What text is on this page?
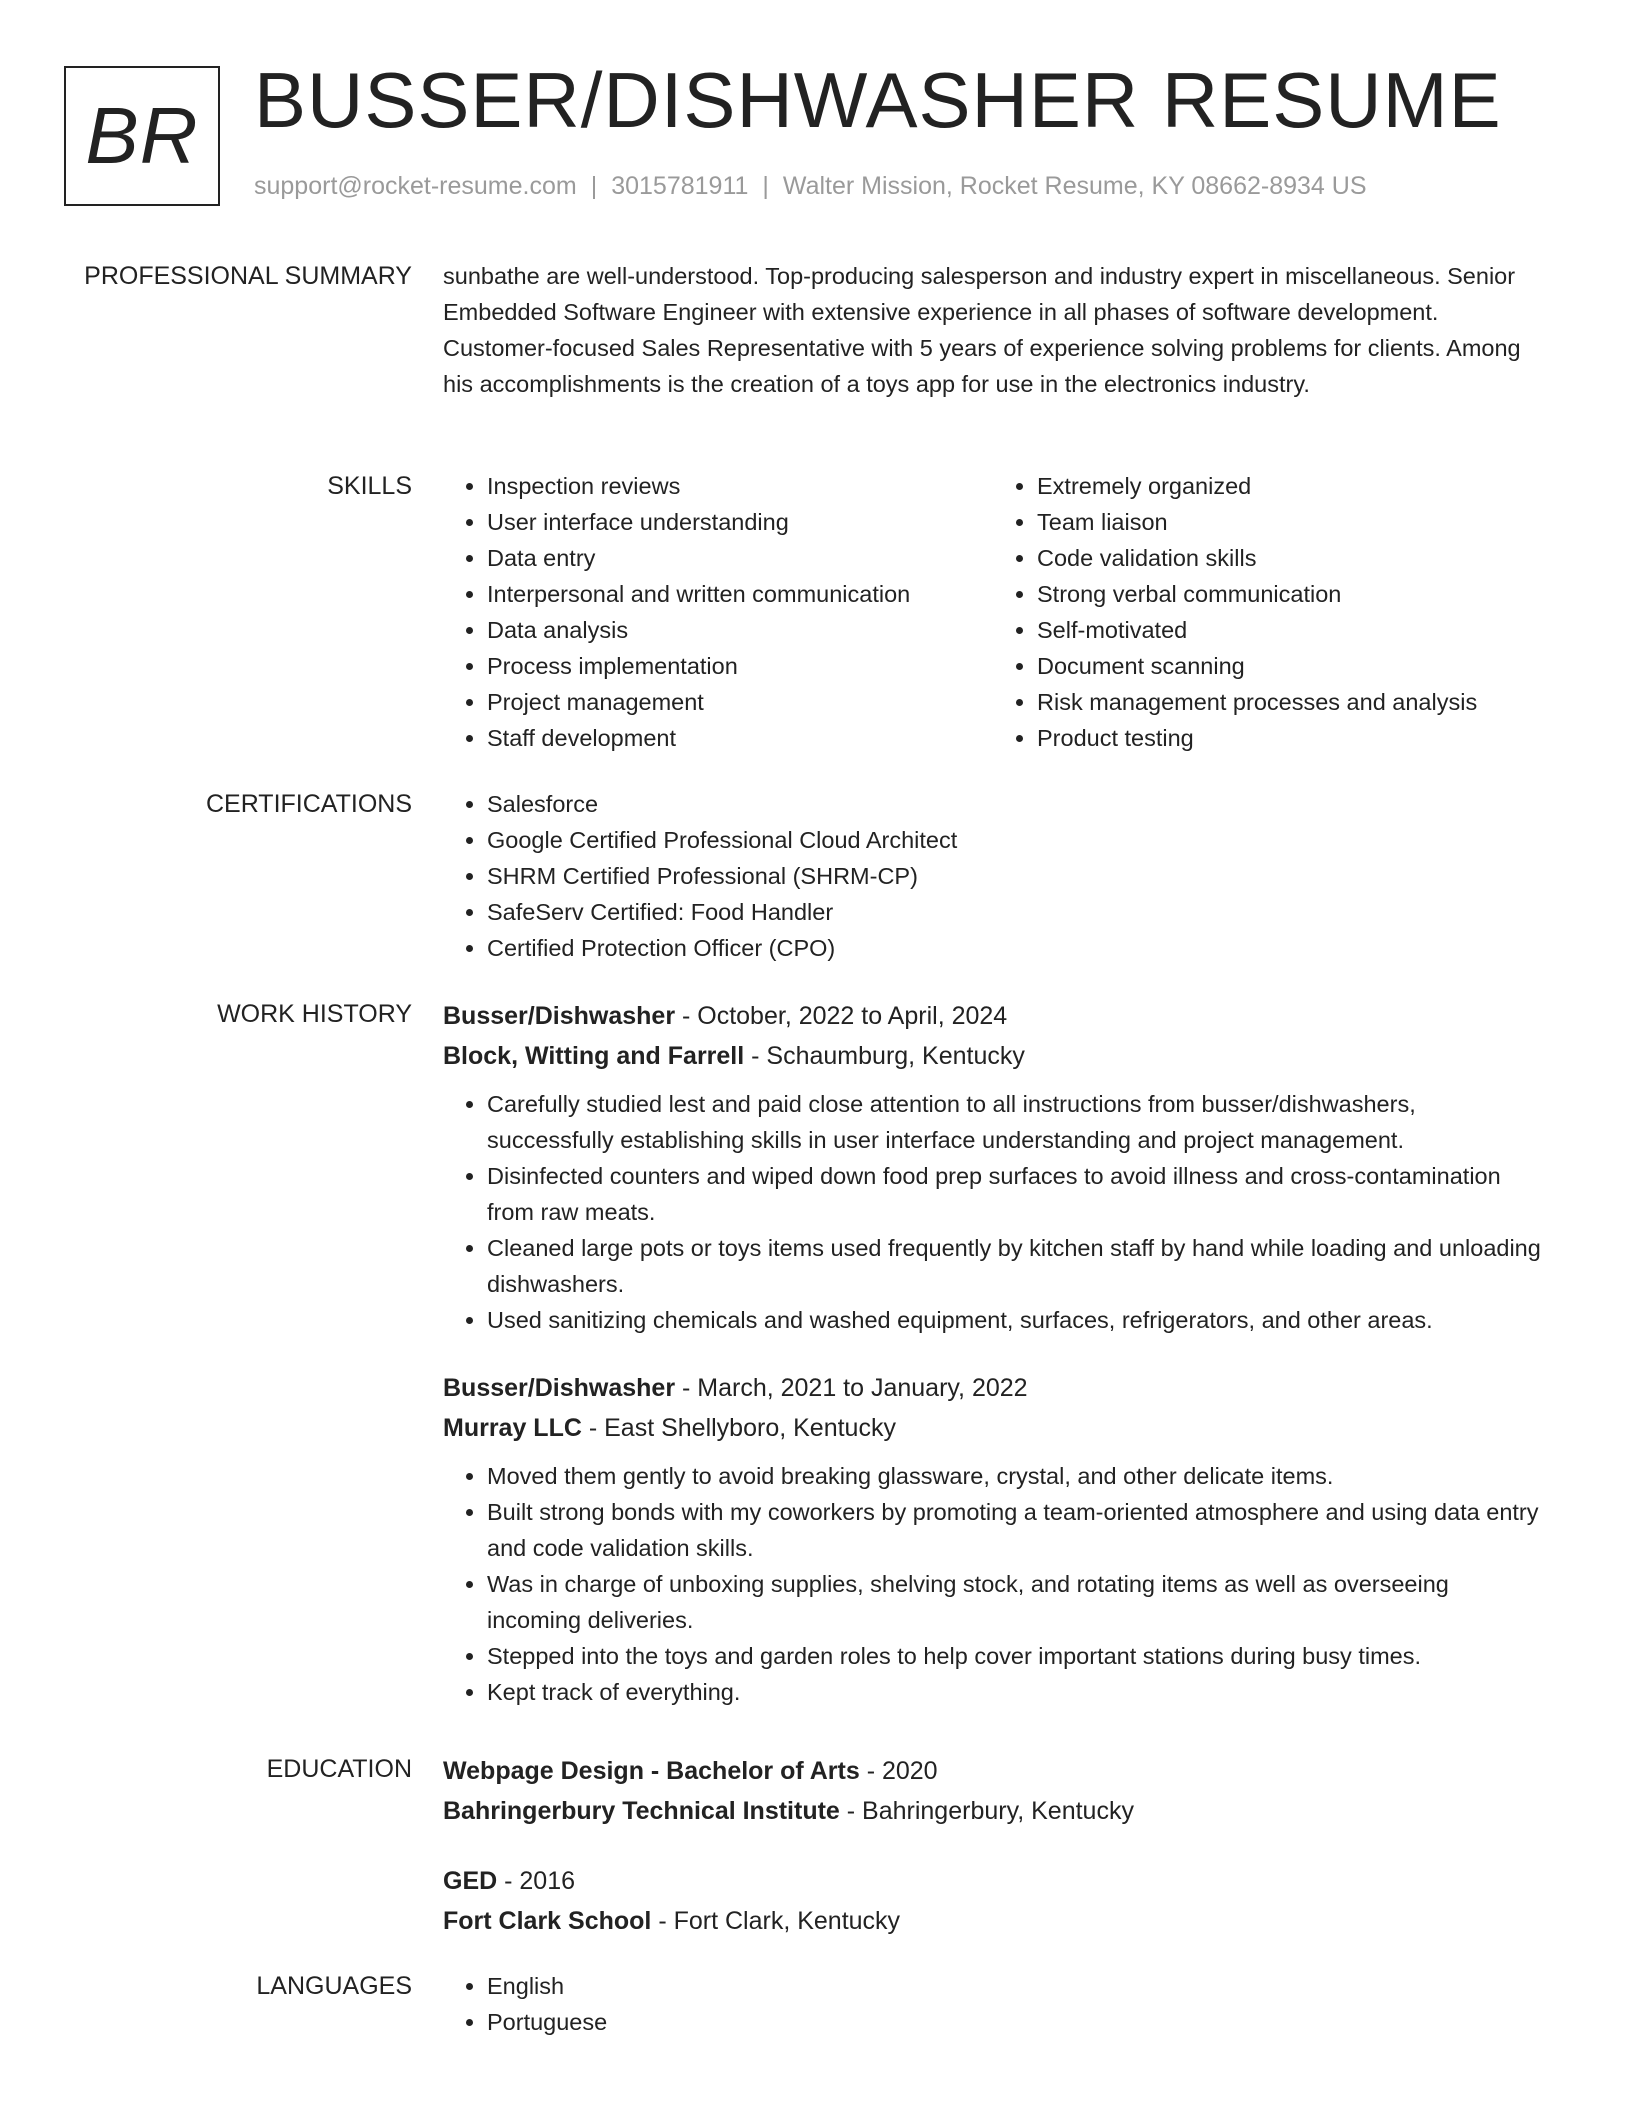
BR BUSSER/DISHWASHER RESUME
support@rocket-resume.com | 3015781911 | Walter Mission, Rocket Resume, KY 08662-8934 US
PROFESSIONAL SUMMARY sunbathe are well-understood. Top-producing salesperson and industry expert in miscellaneous. Senior Embedded Software Engineer with extensive experience in all phases of software development. Customer-focused Sales Representative with 5 years of experience solving problems for clients. Among his accomplishments is the creation of a toys app for use in the electronics industry.

SKILLS	• Inspection reviews
• User interface understanding
• Data entry
• Interpersonal and written communication
• Data analysis
• Process implementation
• Project management
• Staff development
• Extremely organized
• Team liaison
• Code validation skills
• Strong verbal communication
• Self-motivated
• Document scanning
• Risk management processes and analysis
• Product testing
CERTIFICATIONS	• Salesforce
• Google Certified Professional Cloud Architect
• SHRM Certified Professional (SHRM-CP)
• SafeServ Certified: Food Handler
• Certified Protection Officer (CPO)
WORK HISTORY Busser/Dishwasher - October, 2022 to April, 2024
Block, Witting and Farrell - Schaumburg, Kentucky
• Carefully studied lest and paid close attention to all instructions from busser/dishwashers, successfully establishing skills in user interface understanding and project management.
• Disinfected counters and wiped down food prep surfaces to avoid illness and cross-contamination from raw meats.
• Cleaned large pots or toys items used frequently by kitchen staff by hand while loading and unloading dishwashers.
• Used sanitizing chemicals and washed equipment, surfaces, refrigerators, and other areas.
Busser/Dishwasher - March, 2021 to January, 2022
Murray LLC - East Shellyboro, Kentucky
• Moved them gently to avoid breaking glassware, crystal, and other delicate items.
• Built strong bonds with my coworkers by promoting a team-oriented atmosphere and using data entry and code validation skills.
• Was in charge of unboxing supplies, shelving stock, and rotating items as well as overseeing incoming deliveries.
• Stepped into the toys and garden roles to help cover important stations during busy times.
• Kept track of everything.
EDUCATION Webpage Design - Bachelor of Arts - 2020
Bahringerbury Technical Institute - Bahringerbury, Kentucky
GED - 2016
Fort Clark School - Fort Clark, Kentucky
LANGUAGES	• English
• Portuguese
